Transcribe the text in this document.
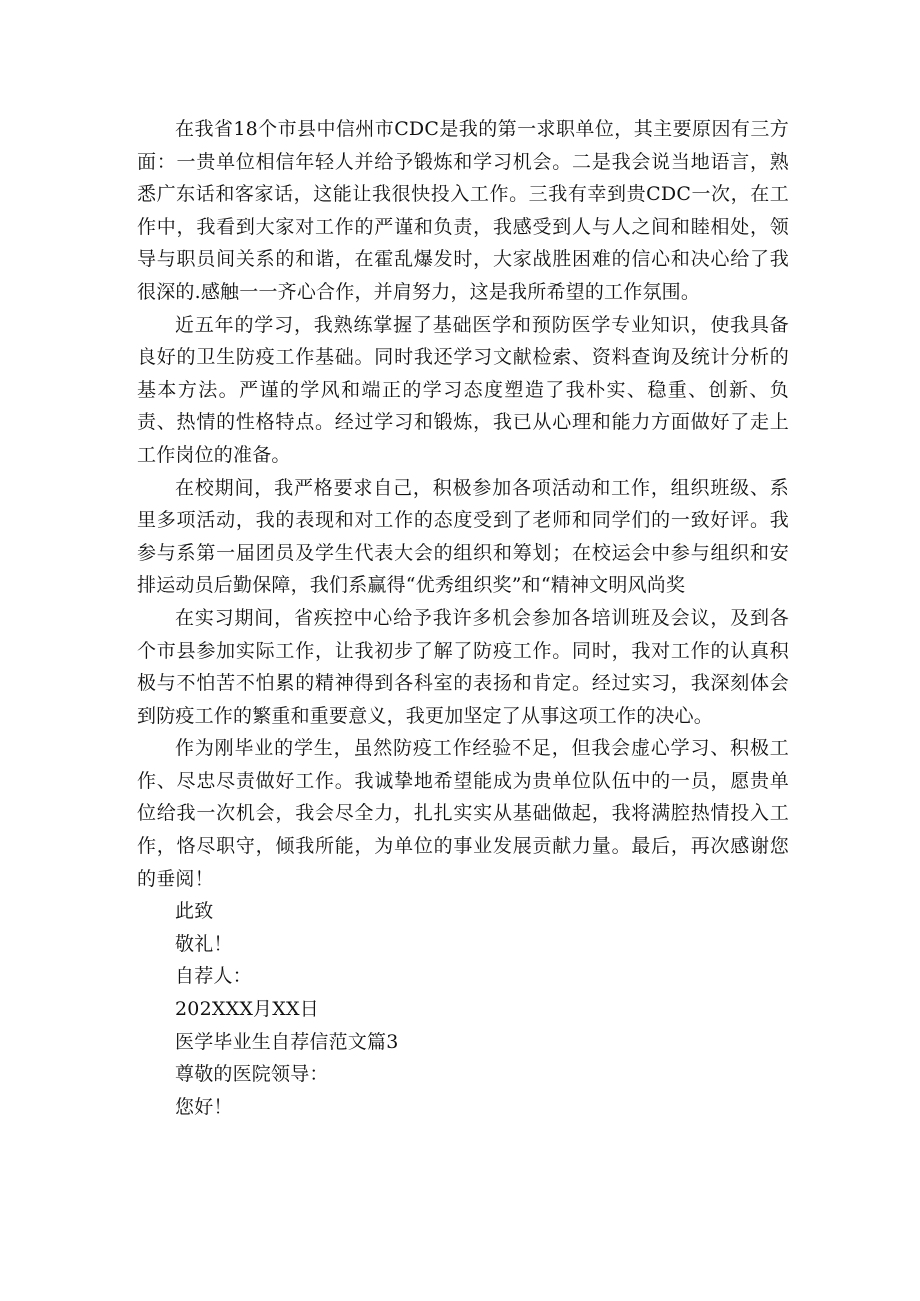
在我省18个市县中信州市CDC是我的第一求职单位，其主要原因有三方面：一贵单位相信年轻人并给予锻炼和学习机会。二是我会说当地语言，熟悉广东话和客家话，这能让我很快投入工作。三我有幸到贵CDC一次，在工作中，我看到大家对工作的严谨和负责，我感受到人与人之间和睦相处，领导与职员间关系的和谐，在霍乱爆发时，大家战胜困难的信心和决心给了我很深的.感触一一齐心合作，并肩努力，这是我所希望的工作氛围。

近五年的学习，我熟练掌握了基础医学和预防医学专业知识，使我具备良好的卫生防疫工作基础。同时我还学习文献检索、资料查询及统计分析的基本方法。严谨的学风和端正的学习态度塑造了我朴实、稳重、创新、负责、热情的性格特点。经过学习和锻炼，我已从心理和能力方面做好了走上工作岗位的准备。

在校期间，我严格要求自己，积极参加各项活动和工作，组织班级、系里多项活动，我的表现和对工作的态度受到了老师和同学们的一致好评。我参与系第一届团员及学生代表大会的组织和筹划；在校运会中参与组织和安排运动员后勤保障，我们系赢得“优秀组织奖”和“精神文明风尚奖

在实习期间，省疾控中心给予我许多机会参加各培训班及会议，及到各个市县参加实际工作，让我初步了解了防疫工作。同时，我对工作的认真积极与不怕苦不怕累的精神得到各科室的表扬和肯定。经过实习，我深刻体会到防疫工作的繁重和重要意义，我更加坚定了从事这项工作的决心。

作为刚毕业的学生，虽然防疫工作经验不足，但我会虚心学习、积极工作、尽忠尽责做好工作。我诚挚地希望能成为贵单位队伍中的一员，愿贵单位给我一次机会，我会尽全力，扎扎实实从基础做起，我将满腔热情投入工作，恪尽职守，倾我所能，为单位的事业发展贡献力量。最后，再次感谢您的垂阅！

此致

敬礼！

自荐人：

202XXX月XX日

医学毕业生自荐信范文篇3

尊敬的医院领导：

您好！
